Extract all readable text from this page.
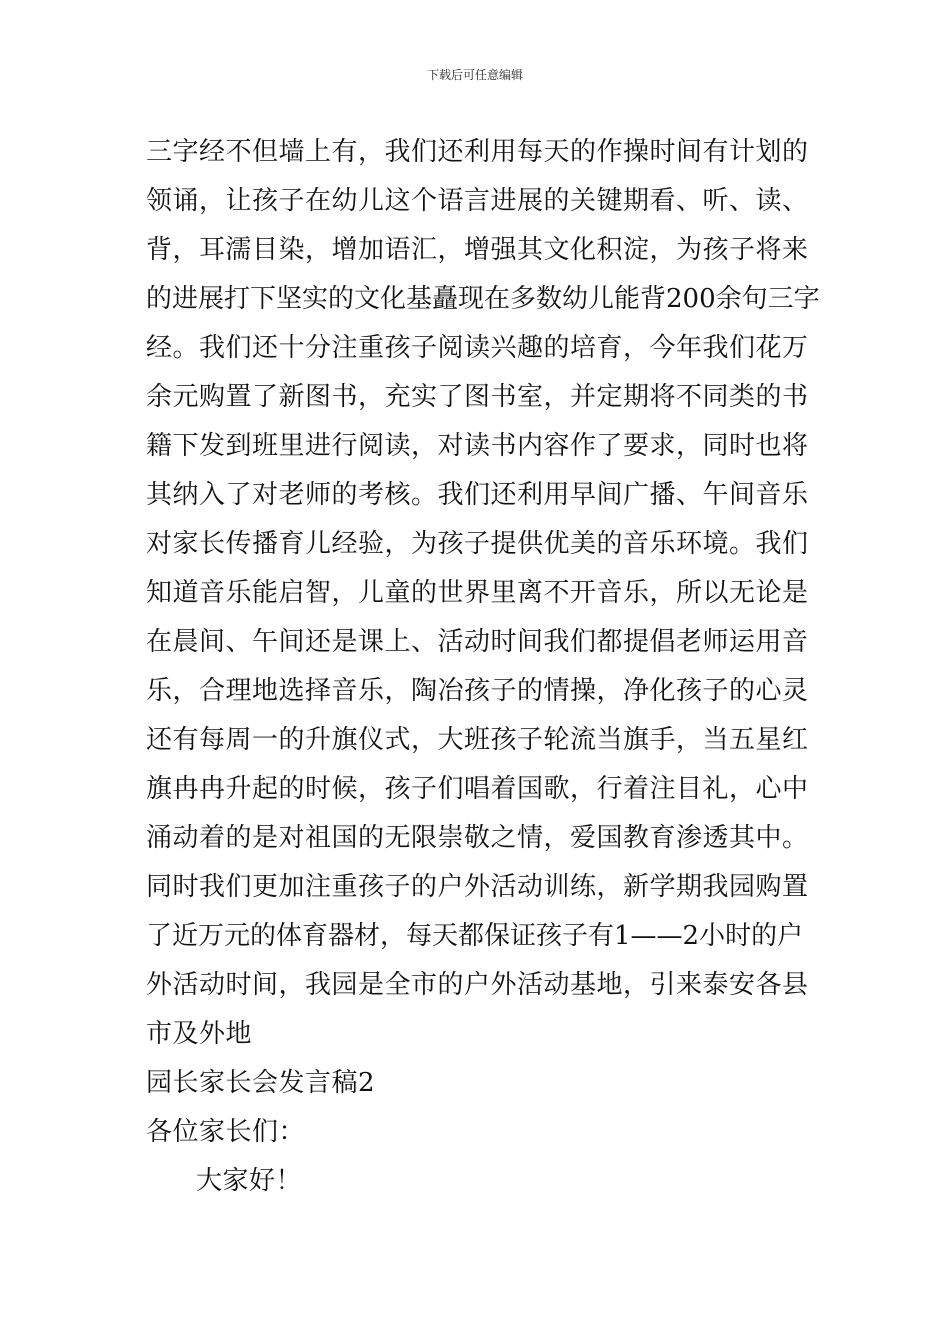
下载后可任意编辑
三字经不但墙上有，我们还利用每天的作操时间有计划的
领诵，让孩子在幼儿这个语言进展的关键期看、听、读、
背，耳濡目染，增加语汇，增强其文化积淀，为孩子将来
的进展打下坚实的文化基矗现在多数幼儿能背200余句三字
经。我们还十分注重孩子阅读兴趣的培育，今年我们花万
余元购置了新图书，充实了图书室，并定期将不同类的书
籍下发到班里进行阅读，对读书内容作了要求，同时也将
其纳入了对老师的考核。我们还利用早间广播、午间音乐
对家长传播育儿经验，为孩子提供优美的音乐环境。我们
知道音乐能启智，儿童的世界里离不开音乐，所以无论是
在晨间、午间还是课上、活动时间我们都提倡老师运用音
乐，合理地选择音乐，陶冶孩子的情操，净化孩子的心灵
还有每周一的升旗仪式，大班孩子轮流当旗手，当五星红
旗冉冉升起的时候，孩子们唱着国歌，行着注目礼，心中
涌动着的是对祖国的无限崇敬之情，爱国教育渗透其中。
同时我们更加注重孩子的户外活动训练，新学期我园购置
了近万元的体育器材，每天都保证孩子有1——2小时的户
外活动时间，我园是全市的户外活动基地，引来泰安各县
市及外地
园长家长会发言稿2
各位家长们：
大家好！
